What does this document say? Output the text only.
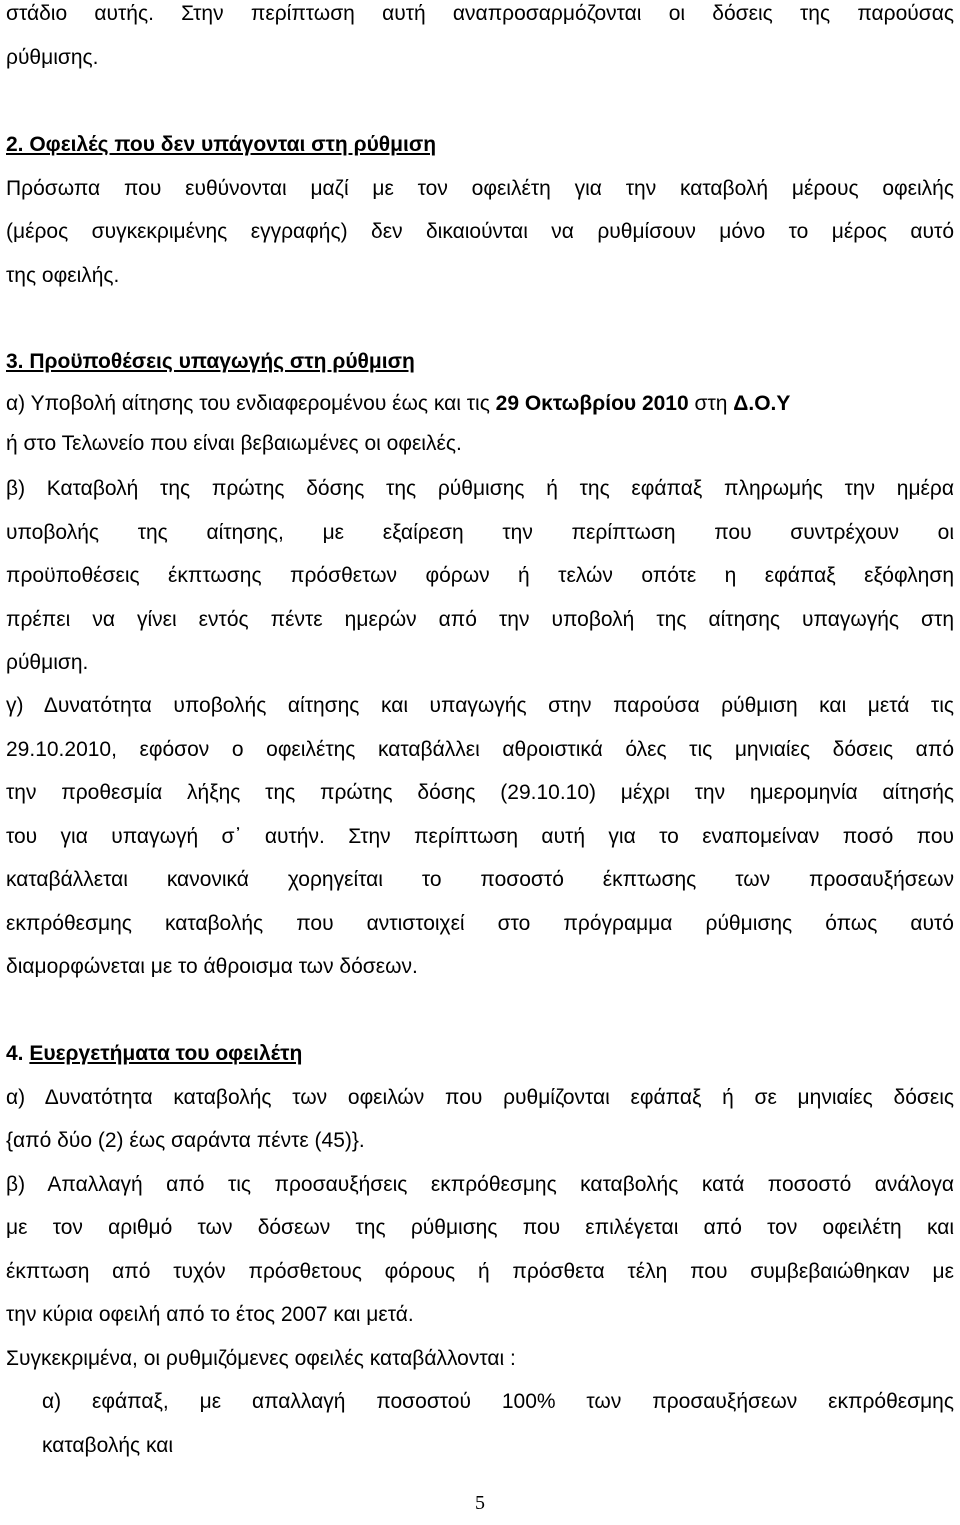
στάδιο αυτής. Στην περίπτωση αυτή αναπροσαρμόζονται οι δόσεις της παρούσας
ρύθμισης.
2. Οφειλές που δεν υπάγονται στη ρύθμιση
Πρόσωπα που ευθύνονται μαζί με τον οφειλέτη για την καταβολή μέρους οφειλής
(μέρος συγκεκριμένης εγγραφής) δεν δικαιούνται να ρυθμίσουν μόνο το μέρος αυτό
της οφειλής.
3. Προϋποθέσεις υπαγωγής στη ρύθμιση
α) Υποβολή αίτησης του ενδιαφερομένου έως και τις 29 Οκτωβρίου 2010 στη Δ.Ο.Υ
ή στο Τελωνείο που είναι βεβαιωμένες οι οφειλές.
β) Καταβολή της πρώτης δόσης της ρύθμισης ή της εφάπαξ πληρωμής την ημέρα
υποβολής της αίτησης, με εξαίρεση την περίπτωση που συντρέχουν οι
προϋποθέσεις έκπτωσης πρόσθετων φόρων ή τελών οπότε η εφάπαξ εξόφληση
πρέπει να γίνει εντός πέντε ημερών από την υποβολή της αίτησης υπαγωγής στη
ρύθμιση.
γ) Δυνατότητα υποβολής αίτησης και υπαγωγής στην παρούσα ρύθμιση και μετά τις
29.10.2010, εφόσον ο οφειλέτης καταβάλλει αθροιστικά όλες τις μηνιαίες δόσεις από
την προθεσμία λήξης της πρώτης δόσης (29.10.10) μέχρι την ημερομηνία αίτησής
του για υπαγωγή σ᾽ αυτήν. Στην περίπτωση αυτή για το εναπομείναν ποσό που
καταβάλλεται κανονικά χορηγείται το ποσοστό έκπτωσης των προσαυξήσεων
εκπρόθεσμης καταβολής που αντιστοιχεί στο πρόγραμμα ρύθμισης όπως αυτό
διαμορφώνεται με το άθροισμα των δόσεων.
4. Ευεργετήματα του οφειλέτη
α) Δυνατότητα καταβολής των οφειλών που ρυθμίζονται εφάπαξ ή σε μηνιαίες δόσεις
{από δύο (2) έως σαράντα πέντε (45)}.
β) Απαλλαγή από τις προσαυξήσεις εκπρόθεσμης καταβολής κατά ποσοστό ανάλογα
με τον αριθμό των δόσεων της ρύθμισης που επιλέγεται από τον οφειλέτη και
έκπτωση από τυχόν πρόσθετους φόρους ή πρόσθετα τέλη που συμβεβαιώθηκαν με
την κύρια οφειλή από το έτος 2007 και μετά.
Συγκεκριμένα, οι ρυθμιζόμενες οφειλές καταβάλλονται :
α) εφάπαξ, με απαλλαγή ποσοστού 100% των προσαυξήσεων εκπρόθεσμης
καταβολής και
5
